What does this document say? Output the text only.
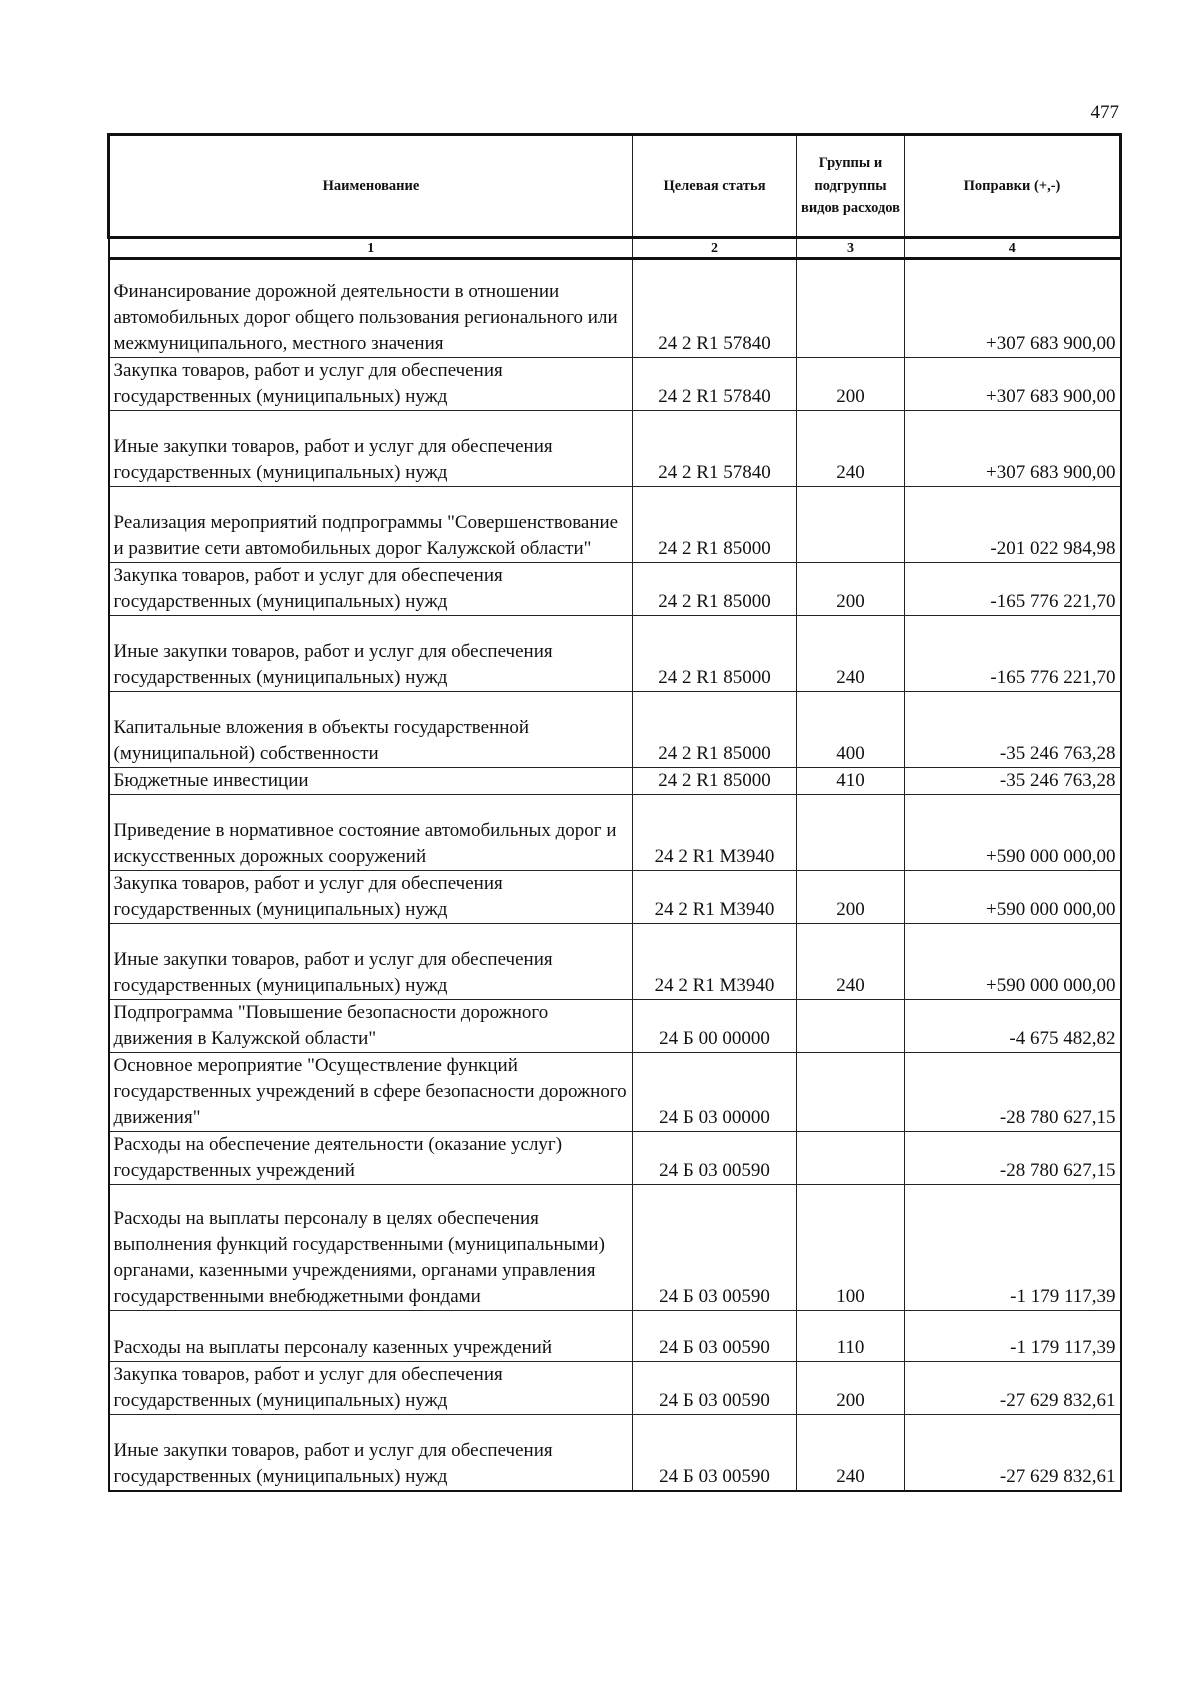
477
Наименование	Целевая статья	Группы и подгруппы видов расходов	Поправки (+,-)
1	2	3	4
Финансирование дорожной деятельности в отношении автомобильных дорог общего пользования регионального или межмуниципального, местного значения	24 2 R1 57840		+307 683 900,00
Закупка товаров, работ и услуг для обеспечения государственных (муниципальных) нужд	24 2 R1 57840	200	+307 683 900,00
Иные закупки товаров, работ и услуг для обеспечения государственных (муниципальных) нужд	24 2 R1 57840	240	+307 683 900,00
Реализация мероприятий подпрограммы "Совершенствование и развитие сети автомобильных дорог Калужской области"	24 2 R1 85000		-201 022 984,98
Закупка товаров, работ и услуг для обеспечения государственных (муниципальных) нужд	24 2 R1 85000	200	-165 776 221,70
Иные закупки товаров, работ и услуг для обеспечения государственных (муниципальных) нужд	24 2 R1 85000	240	-165 776 221,70
Капитальные вложения в объекты государственной (муниципальной) собственности	24 2 R1 85000	400	-35 246 763,28
Бюджетные инвестиции	24 2 R1 85000	410	-35 246 763,28
Приведение в нормативное состояние автомобильных дорог и искусственных дорожных сооружений	24 2 R1 M3940		+590 000 000,00
Закупка товаров, работ и услуг для обеспечения государственных (муниципальных) нужд	24 2 R1 M3940	200	+590 000 000,00
Иные закупки товаров, работ и услуг для обеспечения государственных (муниципальных) нужд	24 2 R1 M3940	240	+590 000 000,00
Подпрограмма "Повышение безопасности дорожного движения в Калужской области"	24 Б 00 00000		-4 675 482,82
Основное мероприятие "Осуществление функций государственных учреждений в сфере безопасности дорожного движения"	24 Б 03 00000		-28 780 627,15
Расходы на обеспечение деятельности (оказание услуг) государственных учреждений	24 Б 03 00590		-28 780 627,15
Расходы на выплаты персоналу в целях обеспечения выполнения функций государственными (муниципальными) органами, казенными учреждениями, органами управления государственными внебюджетными фондами	24 Б 03 00590	100	-1 179 117,39
Расходы на выплаты персоналу казенных учреждений	24 Б 03 00590	110	-1 179 117,39
Закупка товаров, работ и услуг для обеспечения государственных (муниципальных) нужд	24 Б 03 00590	200	-27 629 832,61
Иные закупки товаров, работ и услуг для обеспечения государственных (муниципальных) нужд	24 Б 03 00590	240	-27 629 832,61
